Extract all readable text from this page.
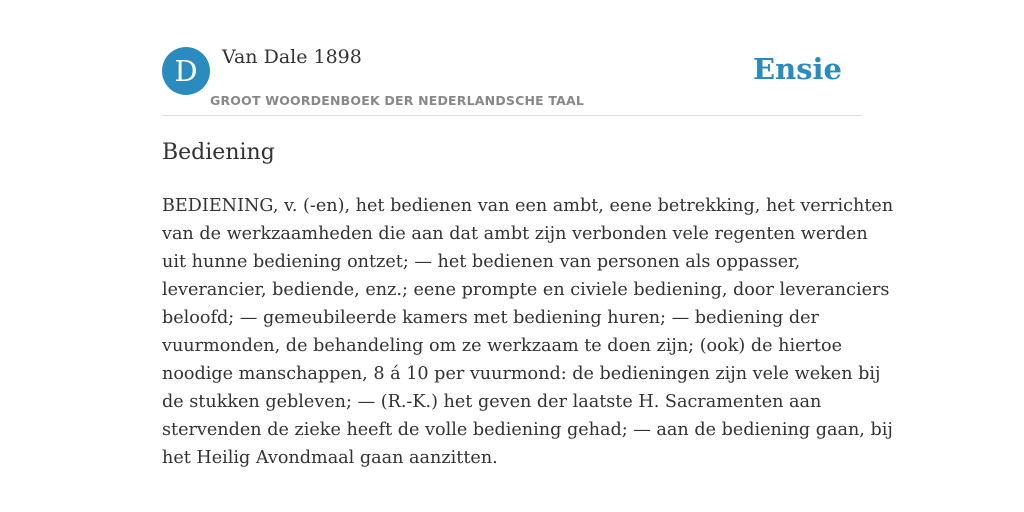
D	Van Dale 1898
GROOT WOORDENBOEK DER NEDERLANDSCHE TAAL
Ensie
Bediening

BEDIENING, v. (-en), het bedienen van een ambt, eene betrekking, het verrichten
van de werkzaamheden die aan dat ambt zijn verbonden vele regenten werden
uit hunne bediening ontzet; — het bedienen van personen als oppasser,
leverancier, bediende, enz.; eene prompte en civiele bediening, door leveranciers
beloofd; — gemeubileerde kamers met bediening huren; — bediening der
vuurmonden, de behandeling om ze werkzaam te doen zijn; (ook) de hiertoe
noodige manschappen, 8 á 10 per vuurmond: de bedieningen zijn vele weken bij
de stukken gebleven; — (R.-K.) het geven der laatste H. Sacramenten aan
stervenden de zieke heeft de volle bediening gehad; — aan de bediening gaan, bij
het Heilig Avondmaal gaan aanzitten.
